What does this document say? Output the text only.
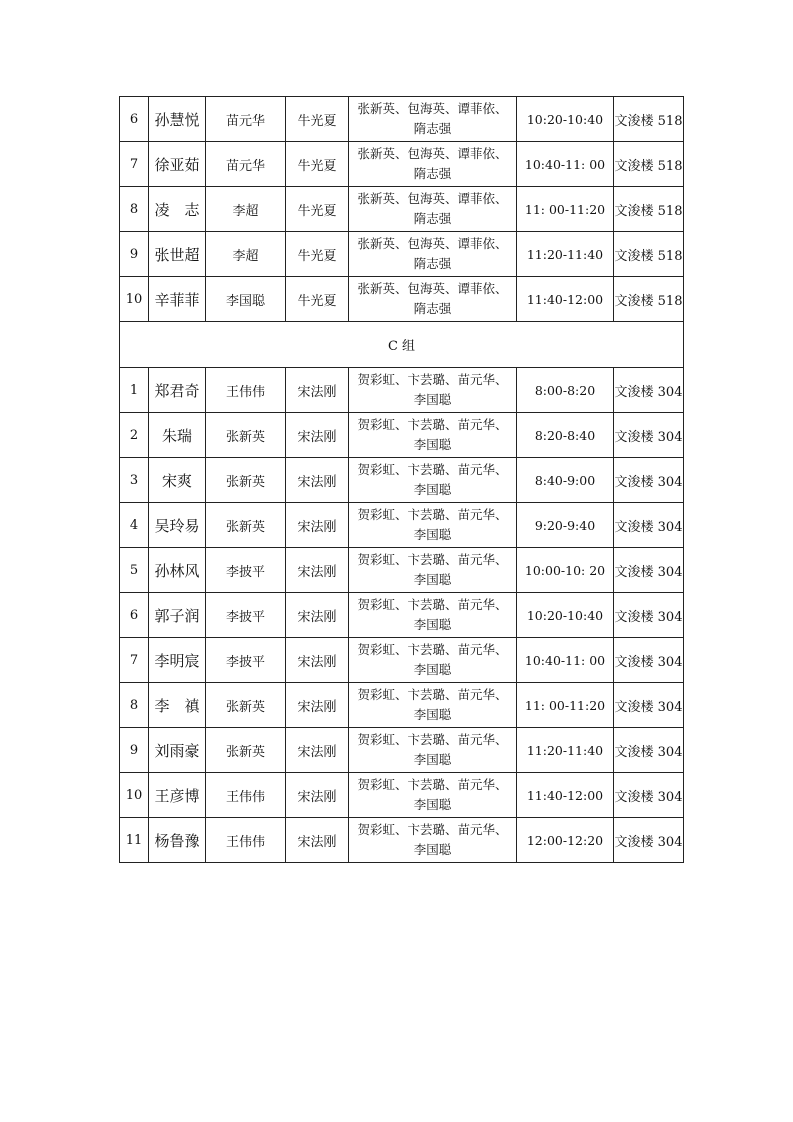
6	孙慧悦	苗元华	牛光夏	张新英、包海英、谭菲依、
隋志强	10:20-10:40	文浚楼 518
7	徐亚茹	苗元华	牛光夏	张新英、包海英、谭菲依、
隋志强	10:40-11: 00	文浚楼 518
8	凌　志	李超	牛光夏	张新英、包海英、谭菲依、
隋志强	11: 00-11:20	文浚楼 518
9	张世超	李超	牛光夏	张新英、包海英、谭菲依、
隋志强	11:20-11:40	文浚楼 518
10	辛菲菲	李国聪	牛光夏	张新英、包海英、谭菲依、
隋志强	11:40-12:00	文浚楼 518
C 组						
1	郑君奇	王伟伟	宋法刚	贺彩虹、卞芸璐、苗元华、
李国聪	8:00-8:20	文浚楼 304
2	朱瑞	张新英	宋法刚	贺彩虹、卞芸璐、苗元华、
李国聪	8:20-8:40	文浚楼 304
3	宋爽	张新英	宋法刚	贺彩虹、卞芸璐、苗元华、
李国聪	8:40-9:00	文浚楼 304
4	吴玲易	张新英	宋法刚	贺彩虹、卞芸璐、苗元华、
李国聪	9:20-9:40	文浚楼 304
5	孙林风	李披平	宋法刚	贺彩虹、卞芸璐、苗元华、
李国聪	10:00-10: 20	文浚楼 304
6	郭子润	李披平	宋法刚	贺彩虹、卞芸璐、苗元华、
李国聪	10:20-10:40	文浚楼 304
7	李明宸	李披平	宋法刚	贺彩虹、卞芸璐、苗元华、
李国聪	10:40-11: 00	文浚楼 304
8	李　禛	张新英	宋法刚	贺彩虹、卞芸璐、苗元华、
李国聪	11: 00-11:20	文浚楼 304
9	刘雨豪	张新英	宋法刚	贺彩虹、卞芸璐、苗元华、
李国聪	11:20-11:40	文浚楼 304
10	王彦博	王伟伟	宋法刚	贺彩虹、卞芸璐、苗元华、
李国聪	11:40-12:00	文浚楼 304
11	杨鲁豫	王伟伟	宋法刚	贺彩虹、卞芸璐、苗元华、
李国聪	12:00-12:20	文浚楼 304
